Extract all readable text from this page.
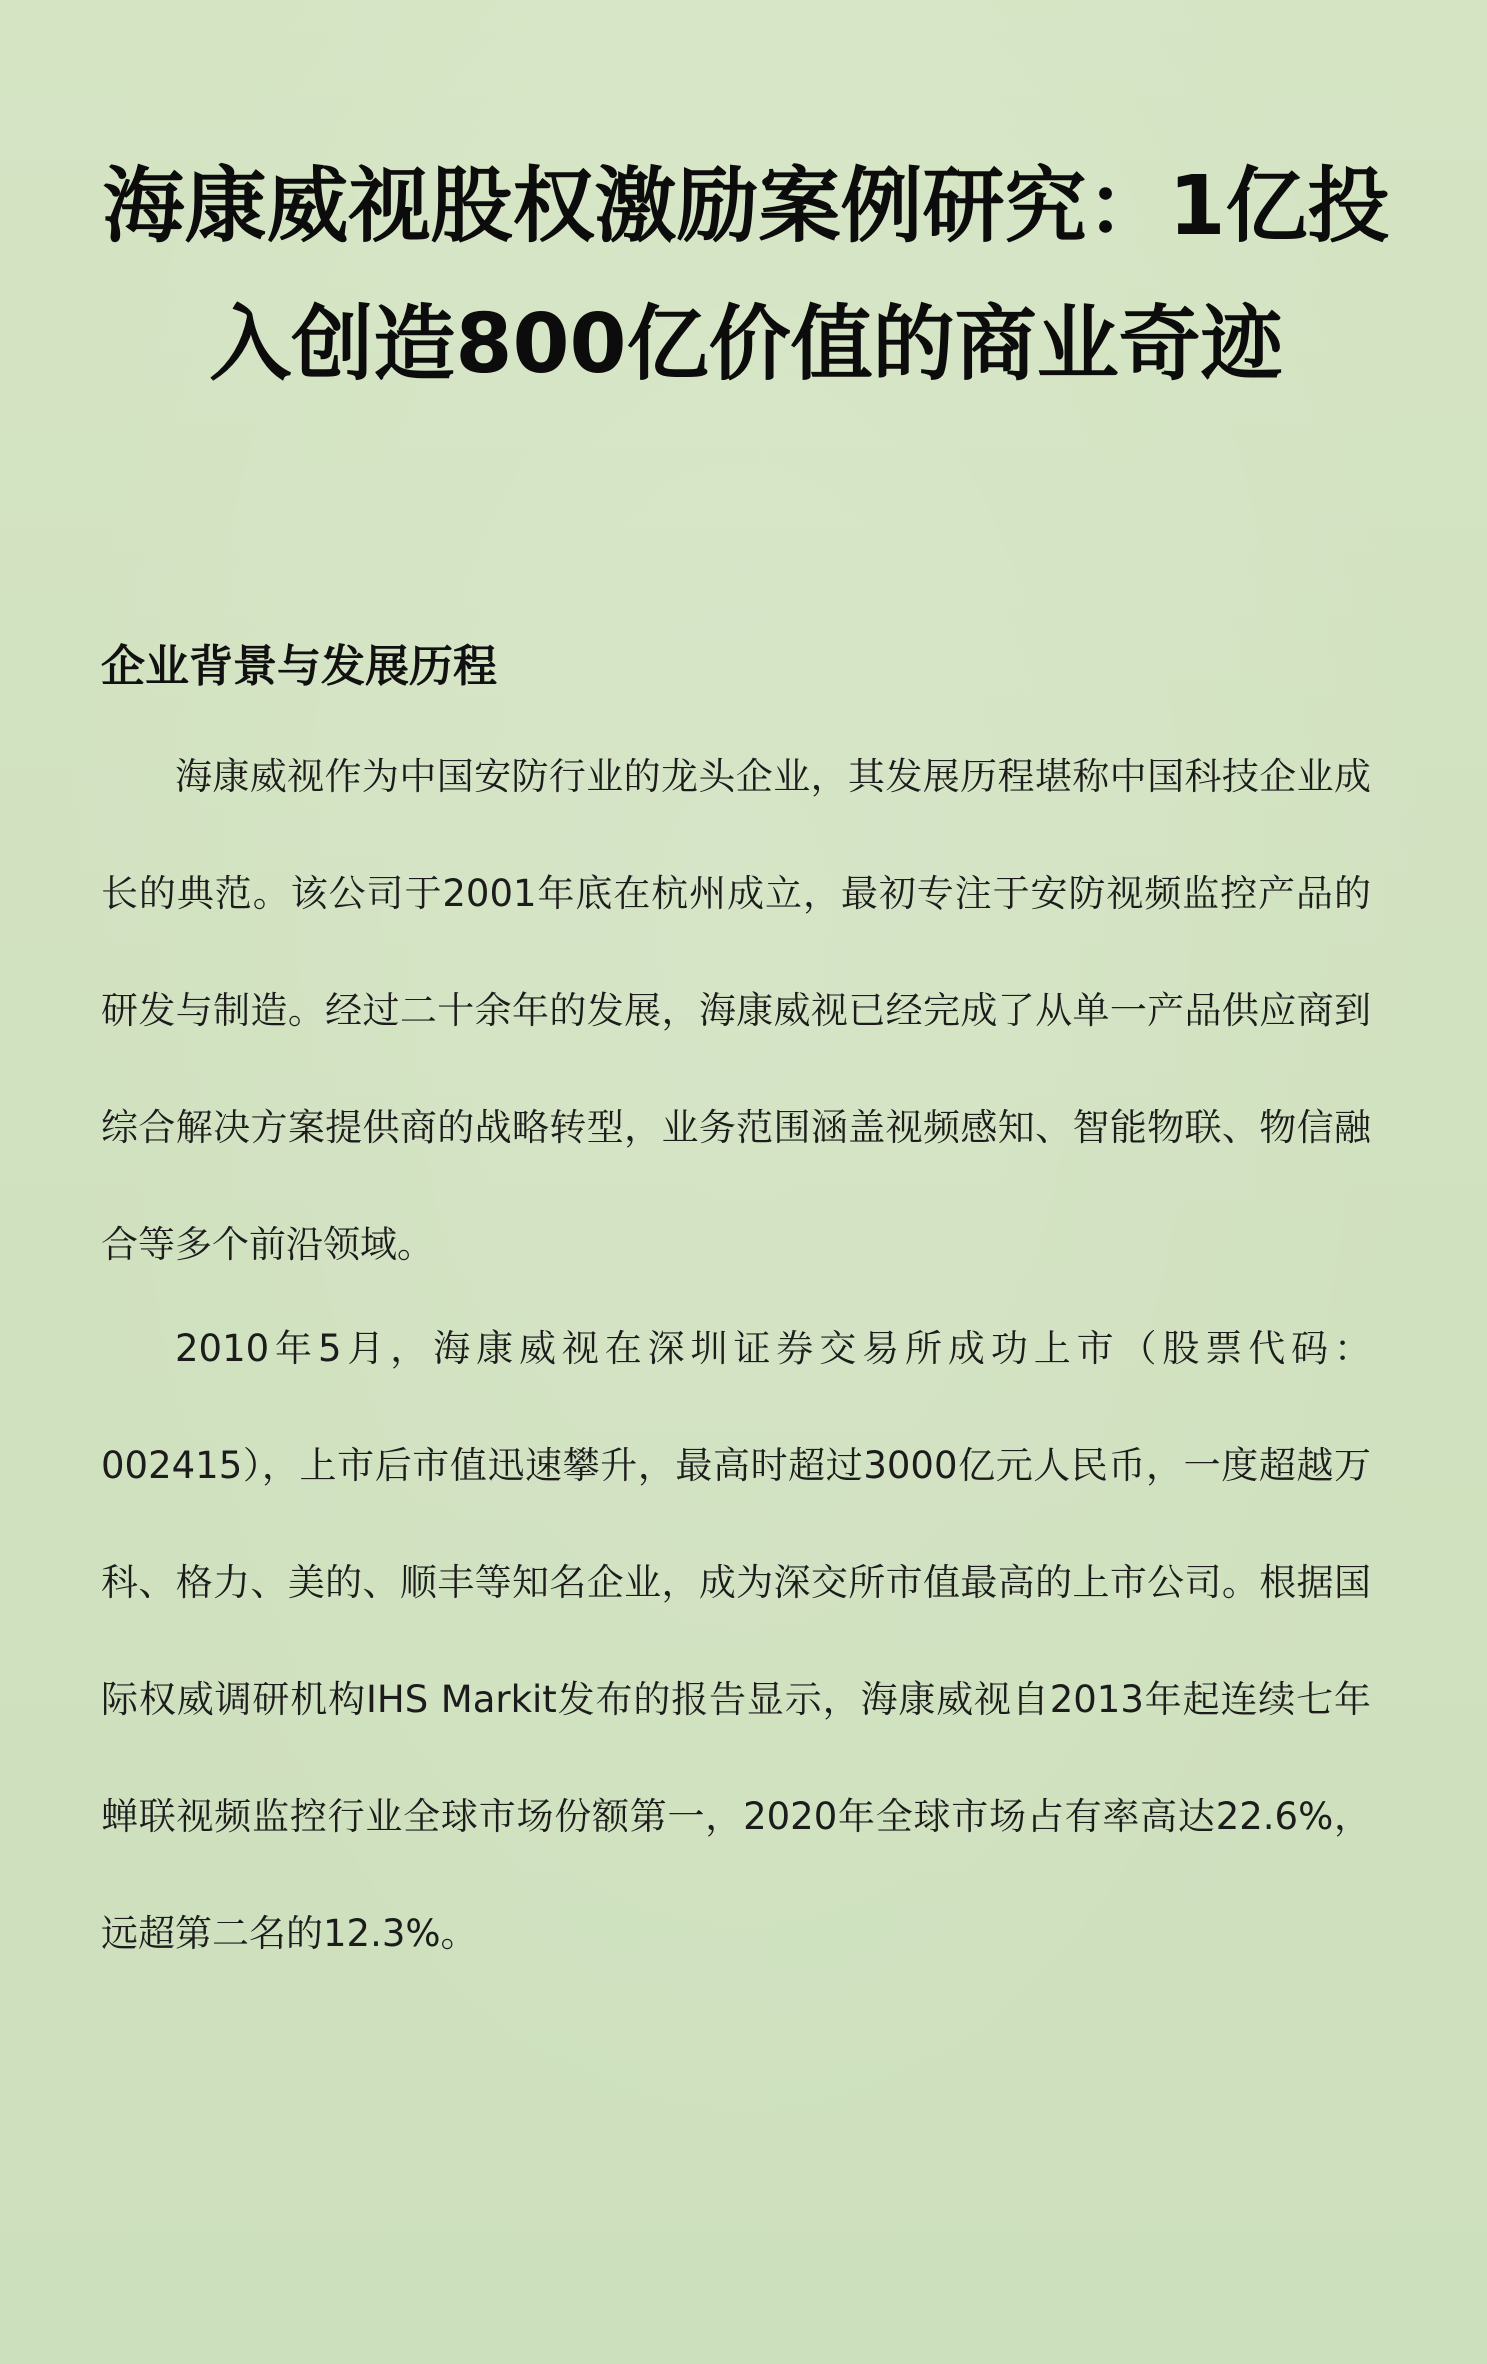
海康威视股权激励案例研究：1亿投入创造800亿价值的商业奇迹
企业背景与发展历程

海康威视作为中国安防行业的龙头企业，其发展历程堪称中国科技企业成长的典范。该公司于2001年底在杭州成立，最初专注于安防视频监控产品的研发与制造。经过二十余年的发展，海康威视已经完成了从单一产品供应商到综合解决方案提供商的战略转型，业务范围涵盖视频感知、智能物联、物信融合等多个前沿领域。

2010年5月，海康威视在深圳证券交易所成功上市（股票代码：002415），上市后市值迅速攀升，最高时超过3000亿元人民币，一度超越万科、格力、美的、顺丰等知名企业，成为深交所市值最高的上市公司。根据国际权威调研机构IHS Markit发布的报告显示，海康威视自2013年起连续七年蝉联视频监控行业全球市场份额第一，2020年全球市场占有率高达22.6%，远超第二名的12.3%。
